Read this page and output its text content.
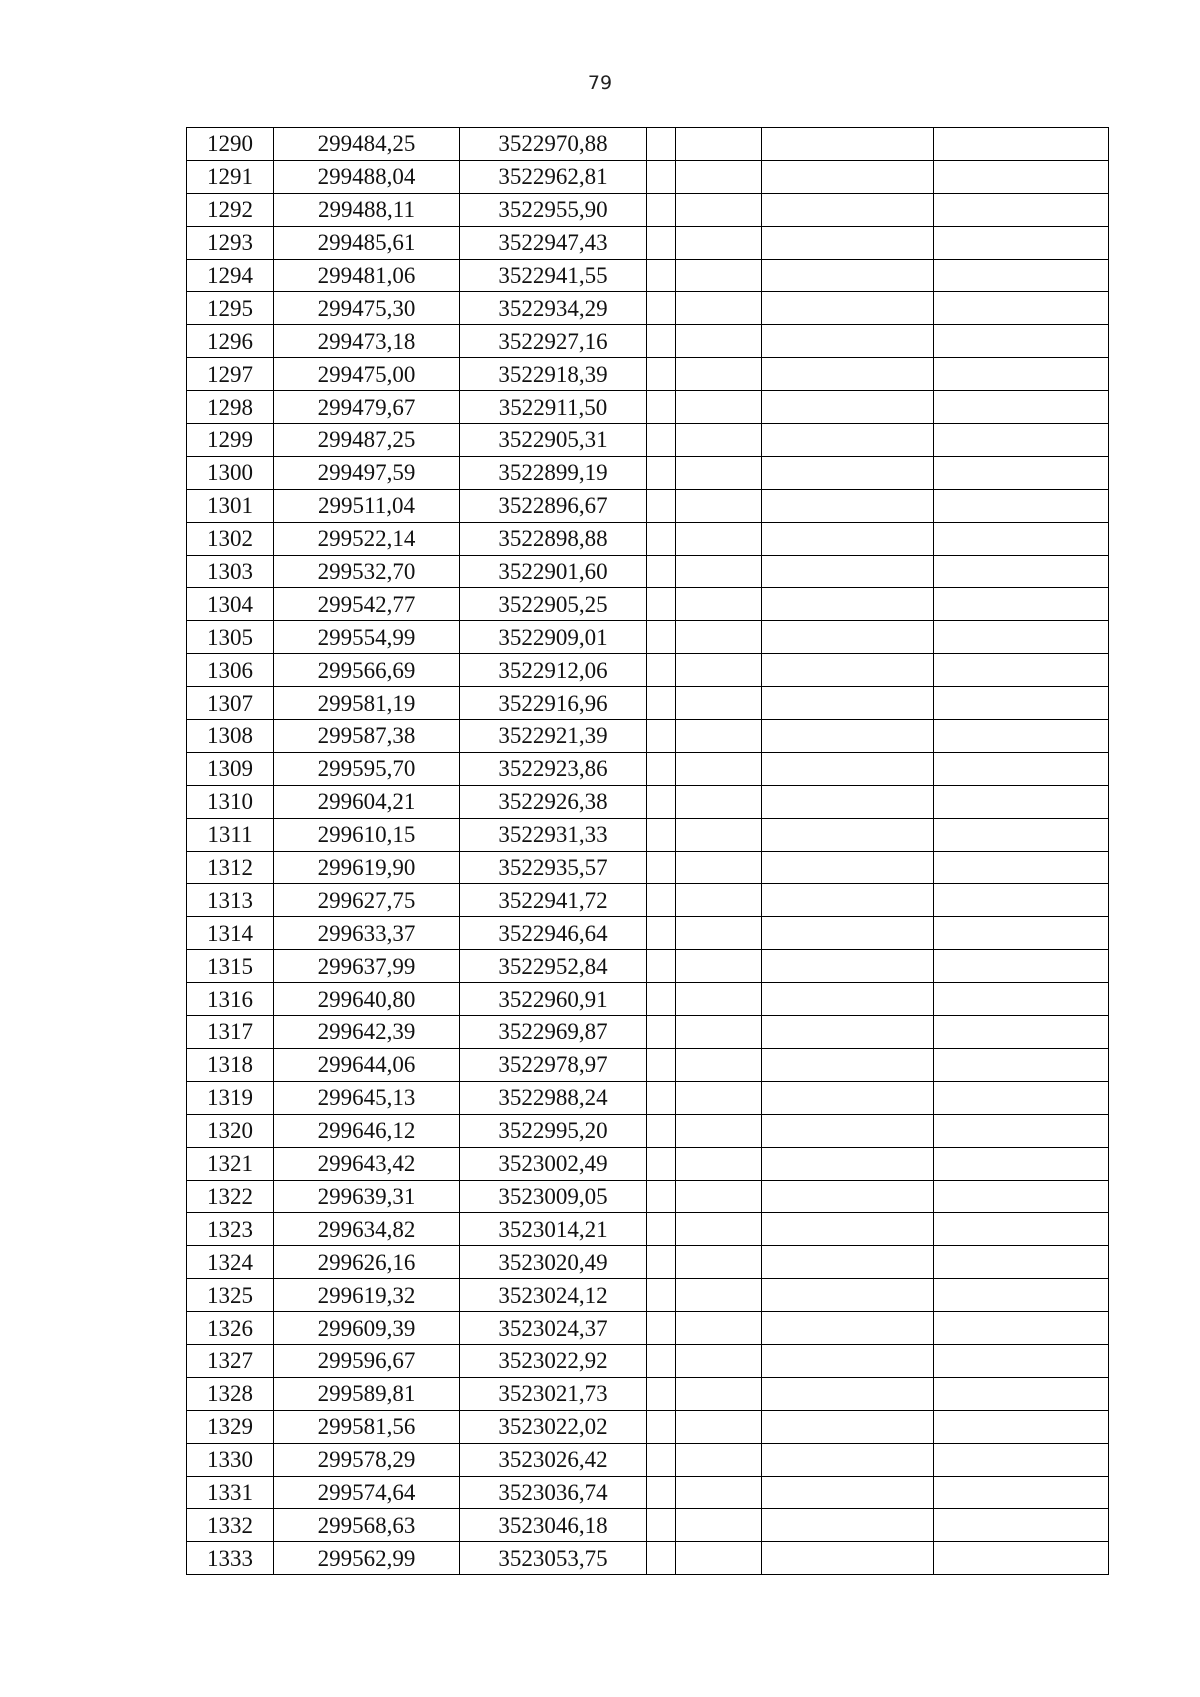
79
1290	299484,25	3522970,88				
1291	299488,04	3522962,81				
1292	299488,11	3522955,90				
1293	299485,61	3522947,43				
1294	299481,06	3522941,55				
1295	299475,30	3522934,29				
1296	299473,18	3522927,16				
1297	299475,00	3522918,39				
1298	299479,67	3522911,50				
1299	299487,25	3522905,31				
1300	299497,59	3522899,19				
1301	299511,04	3522896,67				
1302	299522,14	3522898,88				
1303	299532,70	3522901,60				
1304	299542,77	3522905,25				
1305	299554,99	3522909,01				
1306	299566,69	3522912,06				
1307	299581,19	3522916,96				
1308	299587,38	3522921,39				
1309	299595,70	3522923,86				
1310	299604,21	3522926,38				
1311	299610,15	3522931,33				
1312	299619,90	3522935,57				
1313	299627,75	3522941,72				
1314	299633,37	3522946,64				
1315	299637,99	3522952,84				
1316	299640,80	3522960,91				
1317	299642,39	3522969,87				
1318	299644,06	3522978,97				
1319	299645,13	3522988,24				
1320	299646,12	3522995,20				
1321	299643,42	3523002,49				
1322	299639,31	3523009,05				
1323	299634,82	3523014,21				
1324	299626,16	3523020,49				
1325	299619,32	3523024,12				
1326	299609,39	3523024,37				
1327	299596,67	3523022,92				
1328	299589,81	3523021,73				
1329	299581,56	3523022,02				
1330	299578,29	3523026,42				
1331	299574,64	3523036,74				
1332	299568,63	3523046,18				
1333	299562,99	3523053,75				
